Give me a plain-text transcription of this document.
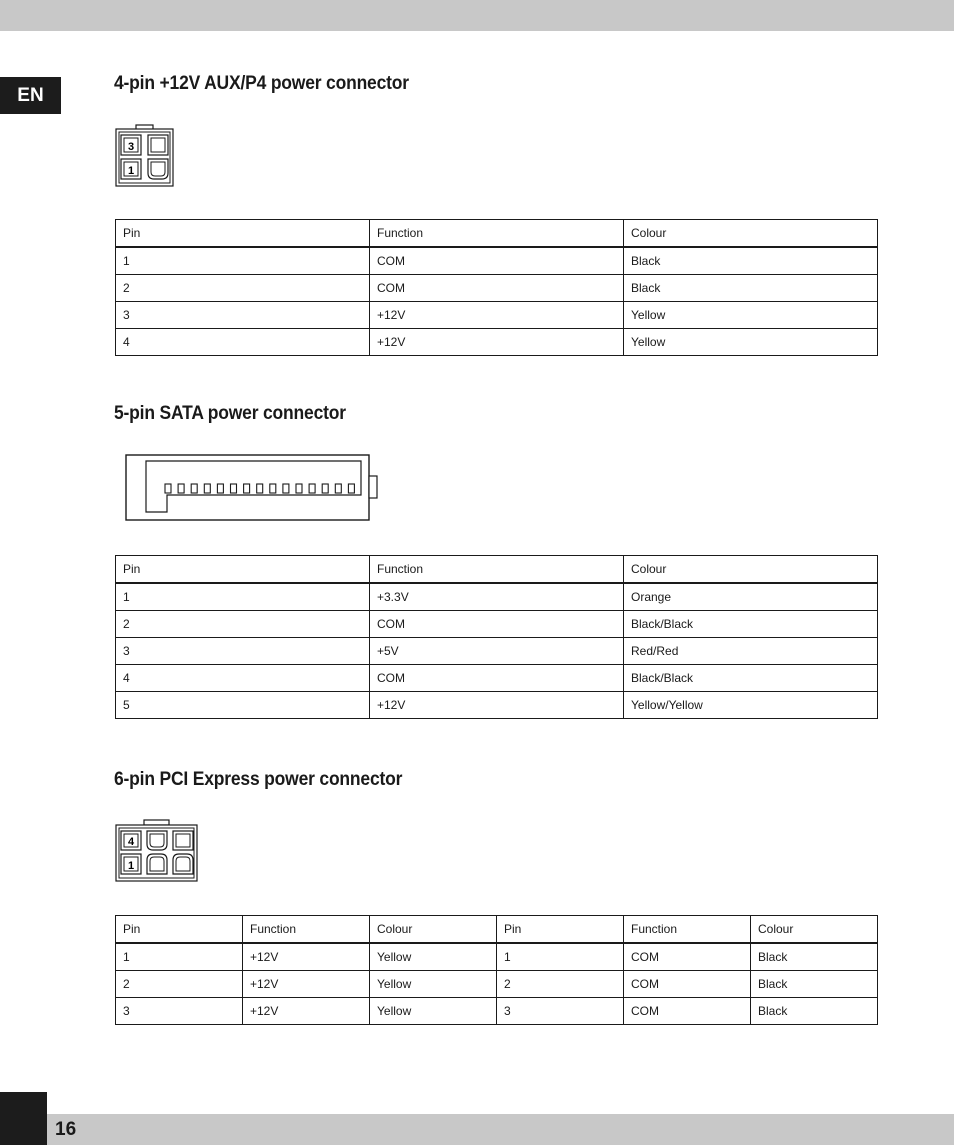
EN
4-pin +12V AUX/P4 power connector
3
1
Pin	Function	Colour
1	COM	Black
2	COM	Black
3	+12V	Yellow
4	+12V	Yellow
5-pin SATA power connector
Pin	Function	Colour
1	+3.3V	Orange
2	COM	Black/Black
3	+5V	Red/Red
4	COM	Black/Black
5	+12V	Yellow/Yellow
6-pin PCI Express power connector
4
1
Pin	Function	Colour	Pin	Function	Colour
1	+12V	Yellow	1	COM	Black
2	+12V	Yellow	2	COM	Black
3	+12V	Yellow	3	COM	Black
16
